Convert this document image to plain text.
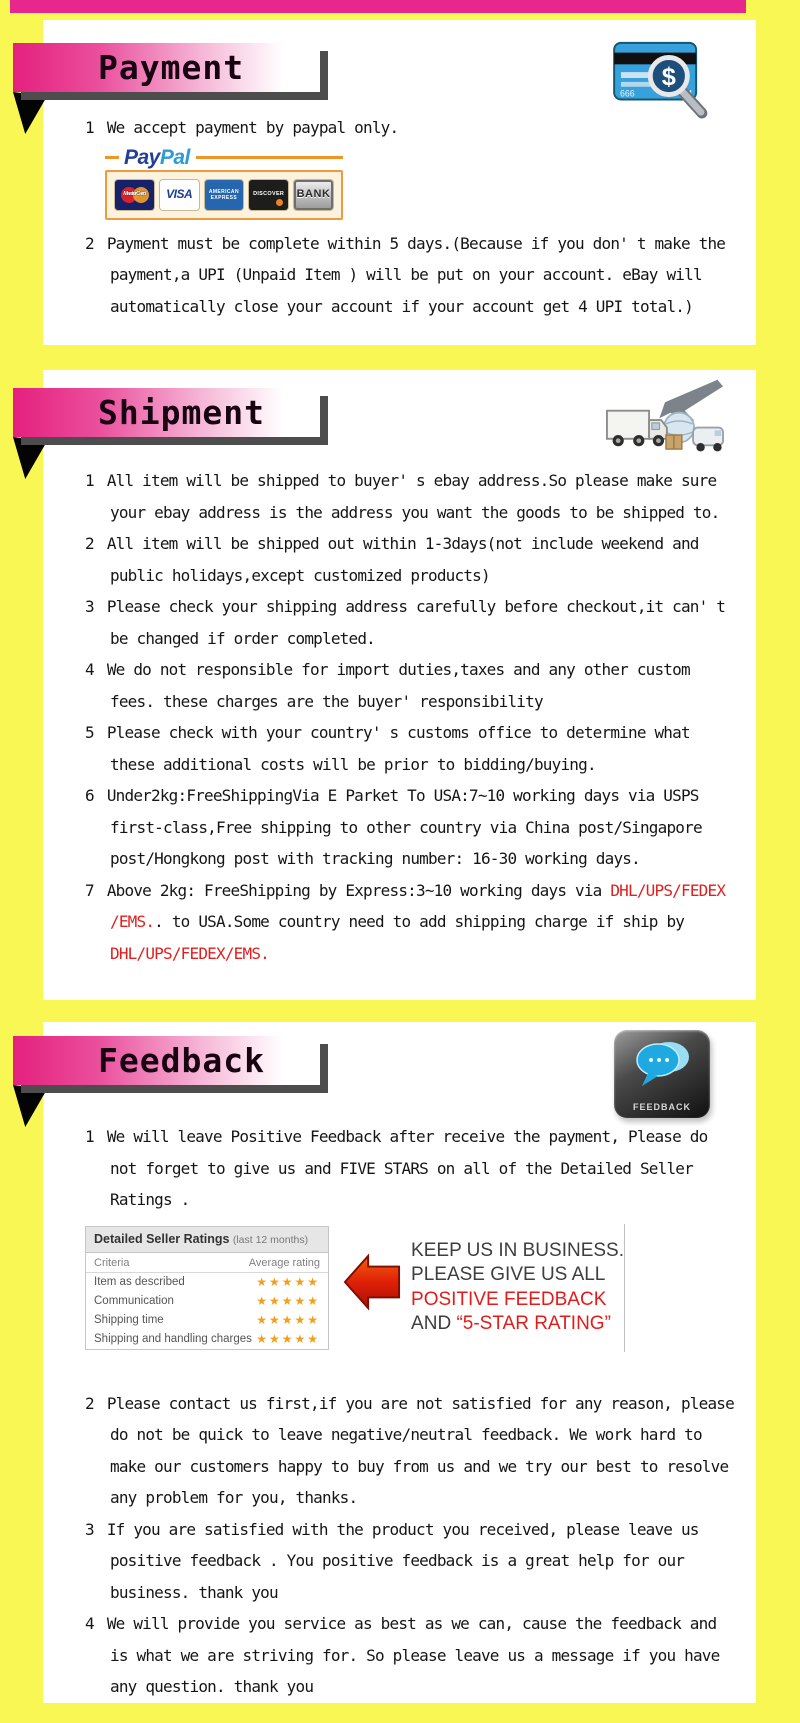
Payment
666
$

1 We accept payment by paypal only.

PayPal
MasterCard	VISA	AMERICAN
EXPRESS
DISCOVER BANK

2 Payment must be complete within 5 days.(Because if you don' t make the payment,a UPI (Unpaid Item ) will be put on your account. eBay will automatically close your account if your account get 4 UPI total.)

Shipment

1 All item will be shipped to buyer' s ebay address.So please make sure your ebay address is the address you want the goods to be shipped to.

2 All item will be shipped out within 1-3days(not include weekend and public holidays,except customized products)

3 Please check your shipping address carefully before checkout,it can' t be changed if order completed.

4 We do not responsible for import duties,taxes and any other custom fees. these charges are the buyer' responsibility

5 Please check with your country' s customs office to determine what these additional costs will be prior to bidding/buying.

6 Under2kg:FreeShippingVia E Parket To USA:7~10 working days via USPS first-class,Free shipping to other country via China post/Singapore post/Hongkong post with tracking number: 16-30 working days.

7 Above 2kg: FreeShipping by Express:3~10 working days via DHL/UPS/FEDEX /EMS.. to USA.Some country need to add shipping charge if ship by DHL/UPS/FEDEX/EMS.

Feedback
FEEDBACK

1 We will leave Positive Feedback after receive the payment, Please do not forget to give us and FIVE STARS on all of the Detailed Seller Ratings .

Detailed Seller Ratings (last 12 months)
Criteria	Average rating
Item as described	★★★★★
Communication	★★★★★
Shipping time	★★★★★
Shipping and handling charges ★★★★★
KEEP US IN BUSINESS.
PLEASE GIVE US ALL
POSITIVE FEEDBACK
AND “5-STAR RATING”

2 Please contact us first,if you are not satisfied for any reason, please do not be quick to leave negative/neutral feedback. We work hard to make our customers happy to buy from us and we try our best to resolve any problem for you, thanks.

3 If you are satisfied with the product you received, please leave us positive feedback . You positive feedback is a great help for our business. thank you

4 We will provide you service as best as we can, cause the feedback and is what we are striving for. So please leave us a message if you have any question. thank you
